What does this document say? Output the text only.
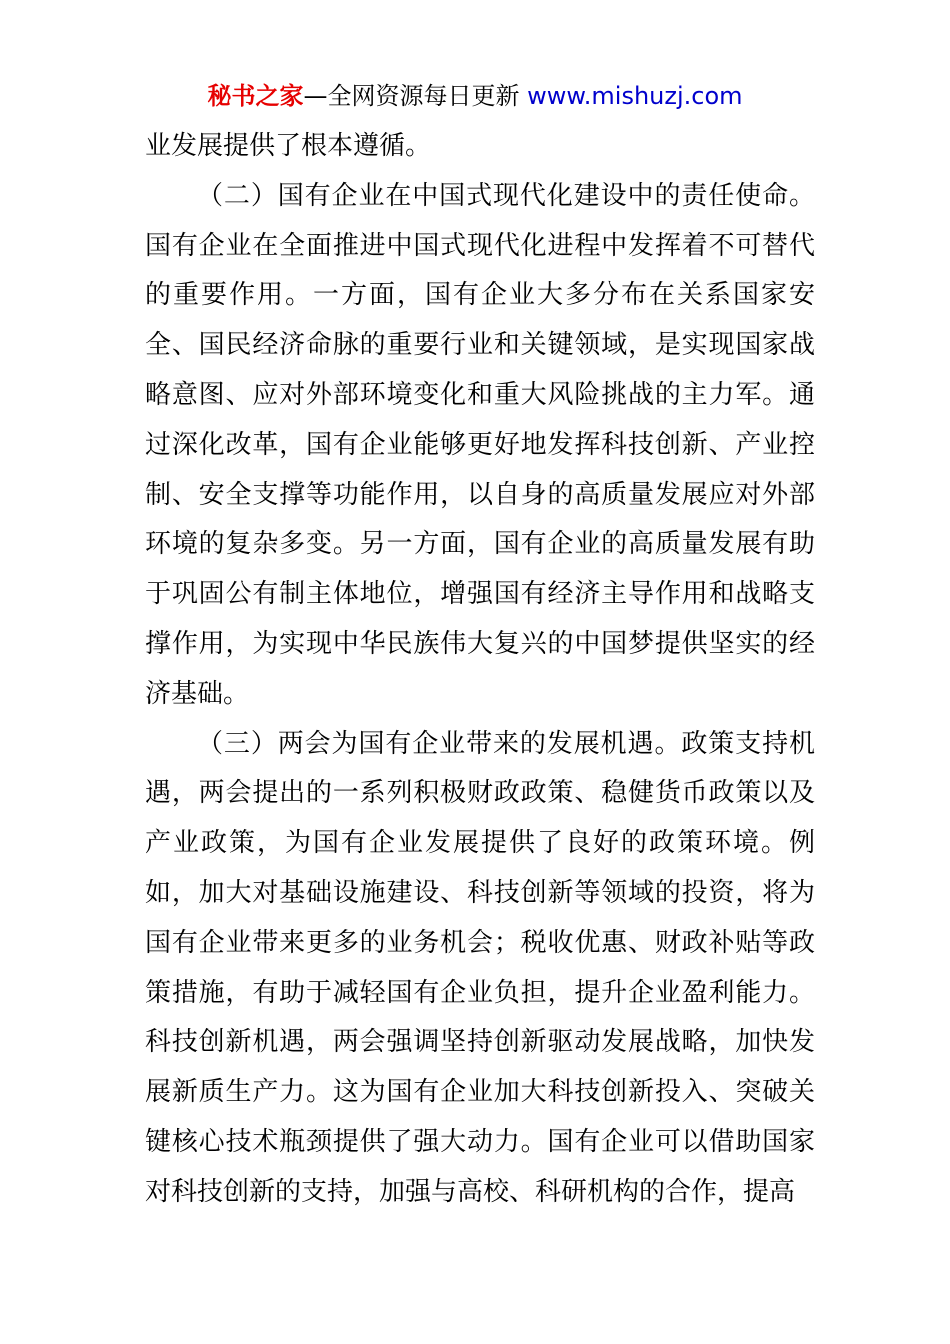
秘书之家—全网资源每日更新 www.mishuzj.com

业发展提供了根本遵循。

（二）国有企业在中国式现代化建设中的责任使命。国有企业在全面推进中国式现代化进程中发挥着不可替代的重要作用。一方面，国有企业大多分布在关系国家安全、国民经济命脉的重要行业和关键领域，是实现国家战略意图、应对外部环境变化和重大风险挑战的主力军。通过深化改革，国有企业能够更好地发挥科技创新、产业控制、安全支撑等功能作用，以自身的高质量发展应对外部环境的复杂多变。另一方面，国有企业的高质量发展有助于巩固公有制主体地位，增强国有经济主导作用和战略支撑作用，为实现中华民族伟大复兴的中国梦提供坚实的经济基础。

（三）两会为国有企业带来的发展机遇。政策支持机遇，两会提出的一系列积极财政政策、稳健货币政策以及产业政策，为国有企业发展提供了良好的政策环境。例如，加大对基础设施建设、科技创新等领域的投资，将为国有企业带来更多的业务机会；税收优惠、财政补贴等政策措施，有助于减轻国有企业负担，提升企业盈利能力。科技创新机遇，两会强调坚持创新驱动发展战略，加快发展新质生产力。这为国有企业加大科技创新投入、突破关键核心技术瓶颈提供了强大动力。国有企业可以借助国家对科技创新的支持，加强与高校、科研机构的合作，提高
